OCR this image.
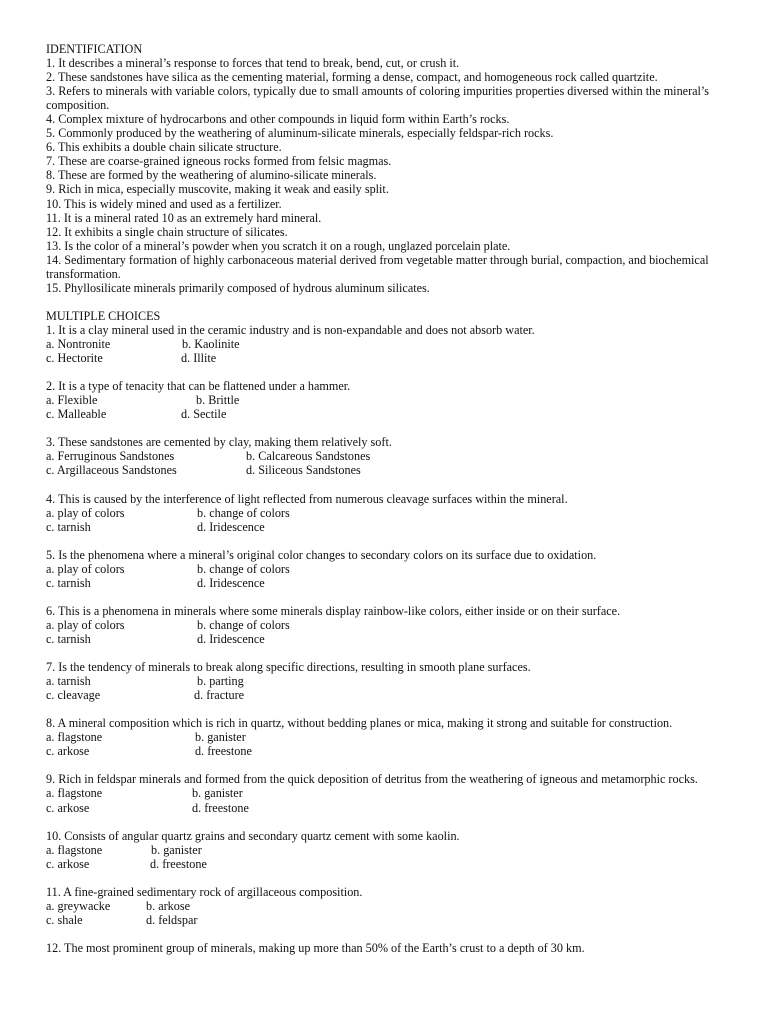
IDENTIFICATION
1. It describes a mineral’s response to forces that tend to break, bend, cut, or crush it.
2. These sandstones have silica as the cementing material, forming a dense, compact, and homogeneous rock called quartzite.
3. Refers to minerals with variable colors, typically due to small amounts of coloring impurities properties diversed within the mineral’s composition.
4. Complex mixture of hydrocarbons and other compounds in liquid form within Earth’s rocks.
5. Commonly produced by the weathering of aluminum-silicate minerals, especially feldspar-rich rocks.
6. This exhibits a double chain silicate structure.
7. These are coarse-grained igneous rocks formed from felsic magmas.
8. These are formed by the weathering of alumino-silicate minerals.
9. Rich in mica, especially muscovite, making it weak and easily split.
10. This is widely mined and used as a fertilizer.
11. It is a mineral rated 10 as an extremely hard mineral.
12. It exhibits a single chain structure of silicates.
13. Is the color of a mineral’s powder when you scratch it on a rough, unglazed porcelain plate.
14. Sedimentary formation of highly carbonaceous material derived from vegetable matter through burial, compaction, and biochemical transformation.
15. Phyllosilicate minerals primarily composed of hydrous aluminum silicates.
MULTIPLE CHOICES
1. It is a clay mineral used in the ceramic industry and is non-expandable and does not absorb water.
a. Nontronite	b. Kaolinite
c. Hectorite	d. Illite
2. It is a type of tenacity that can be flattened under a hammer.
a. Flexible	b. Brittle
c. Malleable	d. Sectile
3. These sandstones are cemented by clay, making them relatively soft.
a. Ferruginous Sandstones	b. Calcareous Sandstones
c. Argillaceous Sandstones	d. Siliceous Sandstones
4. This is caused by the interference of light reflected from numerous cleavage surfaces within the mineral.
a. play of colors	b. change of colors
c. tarnish	d. Iridescence
5. Is the phenomena where a mineral’s original color changes to secondary colors on its surface due to oxidation.
a. play of colors	b. change of colors
c. tarnish	d. Iridescence
6. This is a phenomena in minerals where some minerals display rainbow-like colors, either inside or on their surface.
a. play of colors	b. change of colors
c. tarnish	d. Iridescence
7. Is the tendency of minerals to break along specific directions, resulting in smooth plane surfaces.
a. tarnish	b. parting
c. cleavage	d. fracture
8. A mineral composition which is rich in quartz, without bedding planes or mica, making it strong and suitable for construction.
a. flagstone	b. ganister
c. arkose	d. freestone
9. Rich in feldspar minerals and formed from the quick deposition of detritus from the weathering of igneous and metamorphic rocks.
a. flagstone	b. ganister
c. arkose	d. freestone
10. Consists of angular quartz grains and secondary quartz cement with some kaolin.
a. flagstone	b. ganister
c. arkose	d. freestone
11. A fine-grained sedimentary rock of argillaceous composition.
a. greywacke	b. arkose
c. shale	d. feldspar
12. The most prominent group of minerals, making up more than 50% of the Earth’s crust to a depth of 30 km.
